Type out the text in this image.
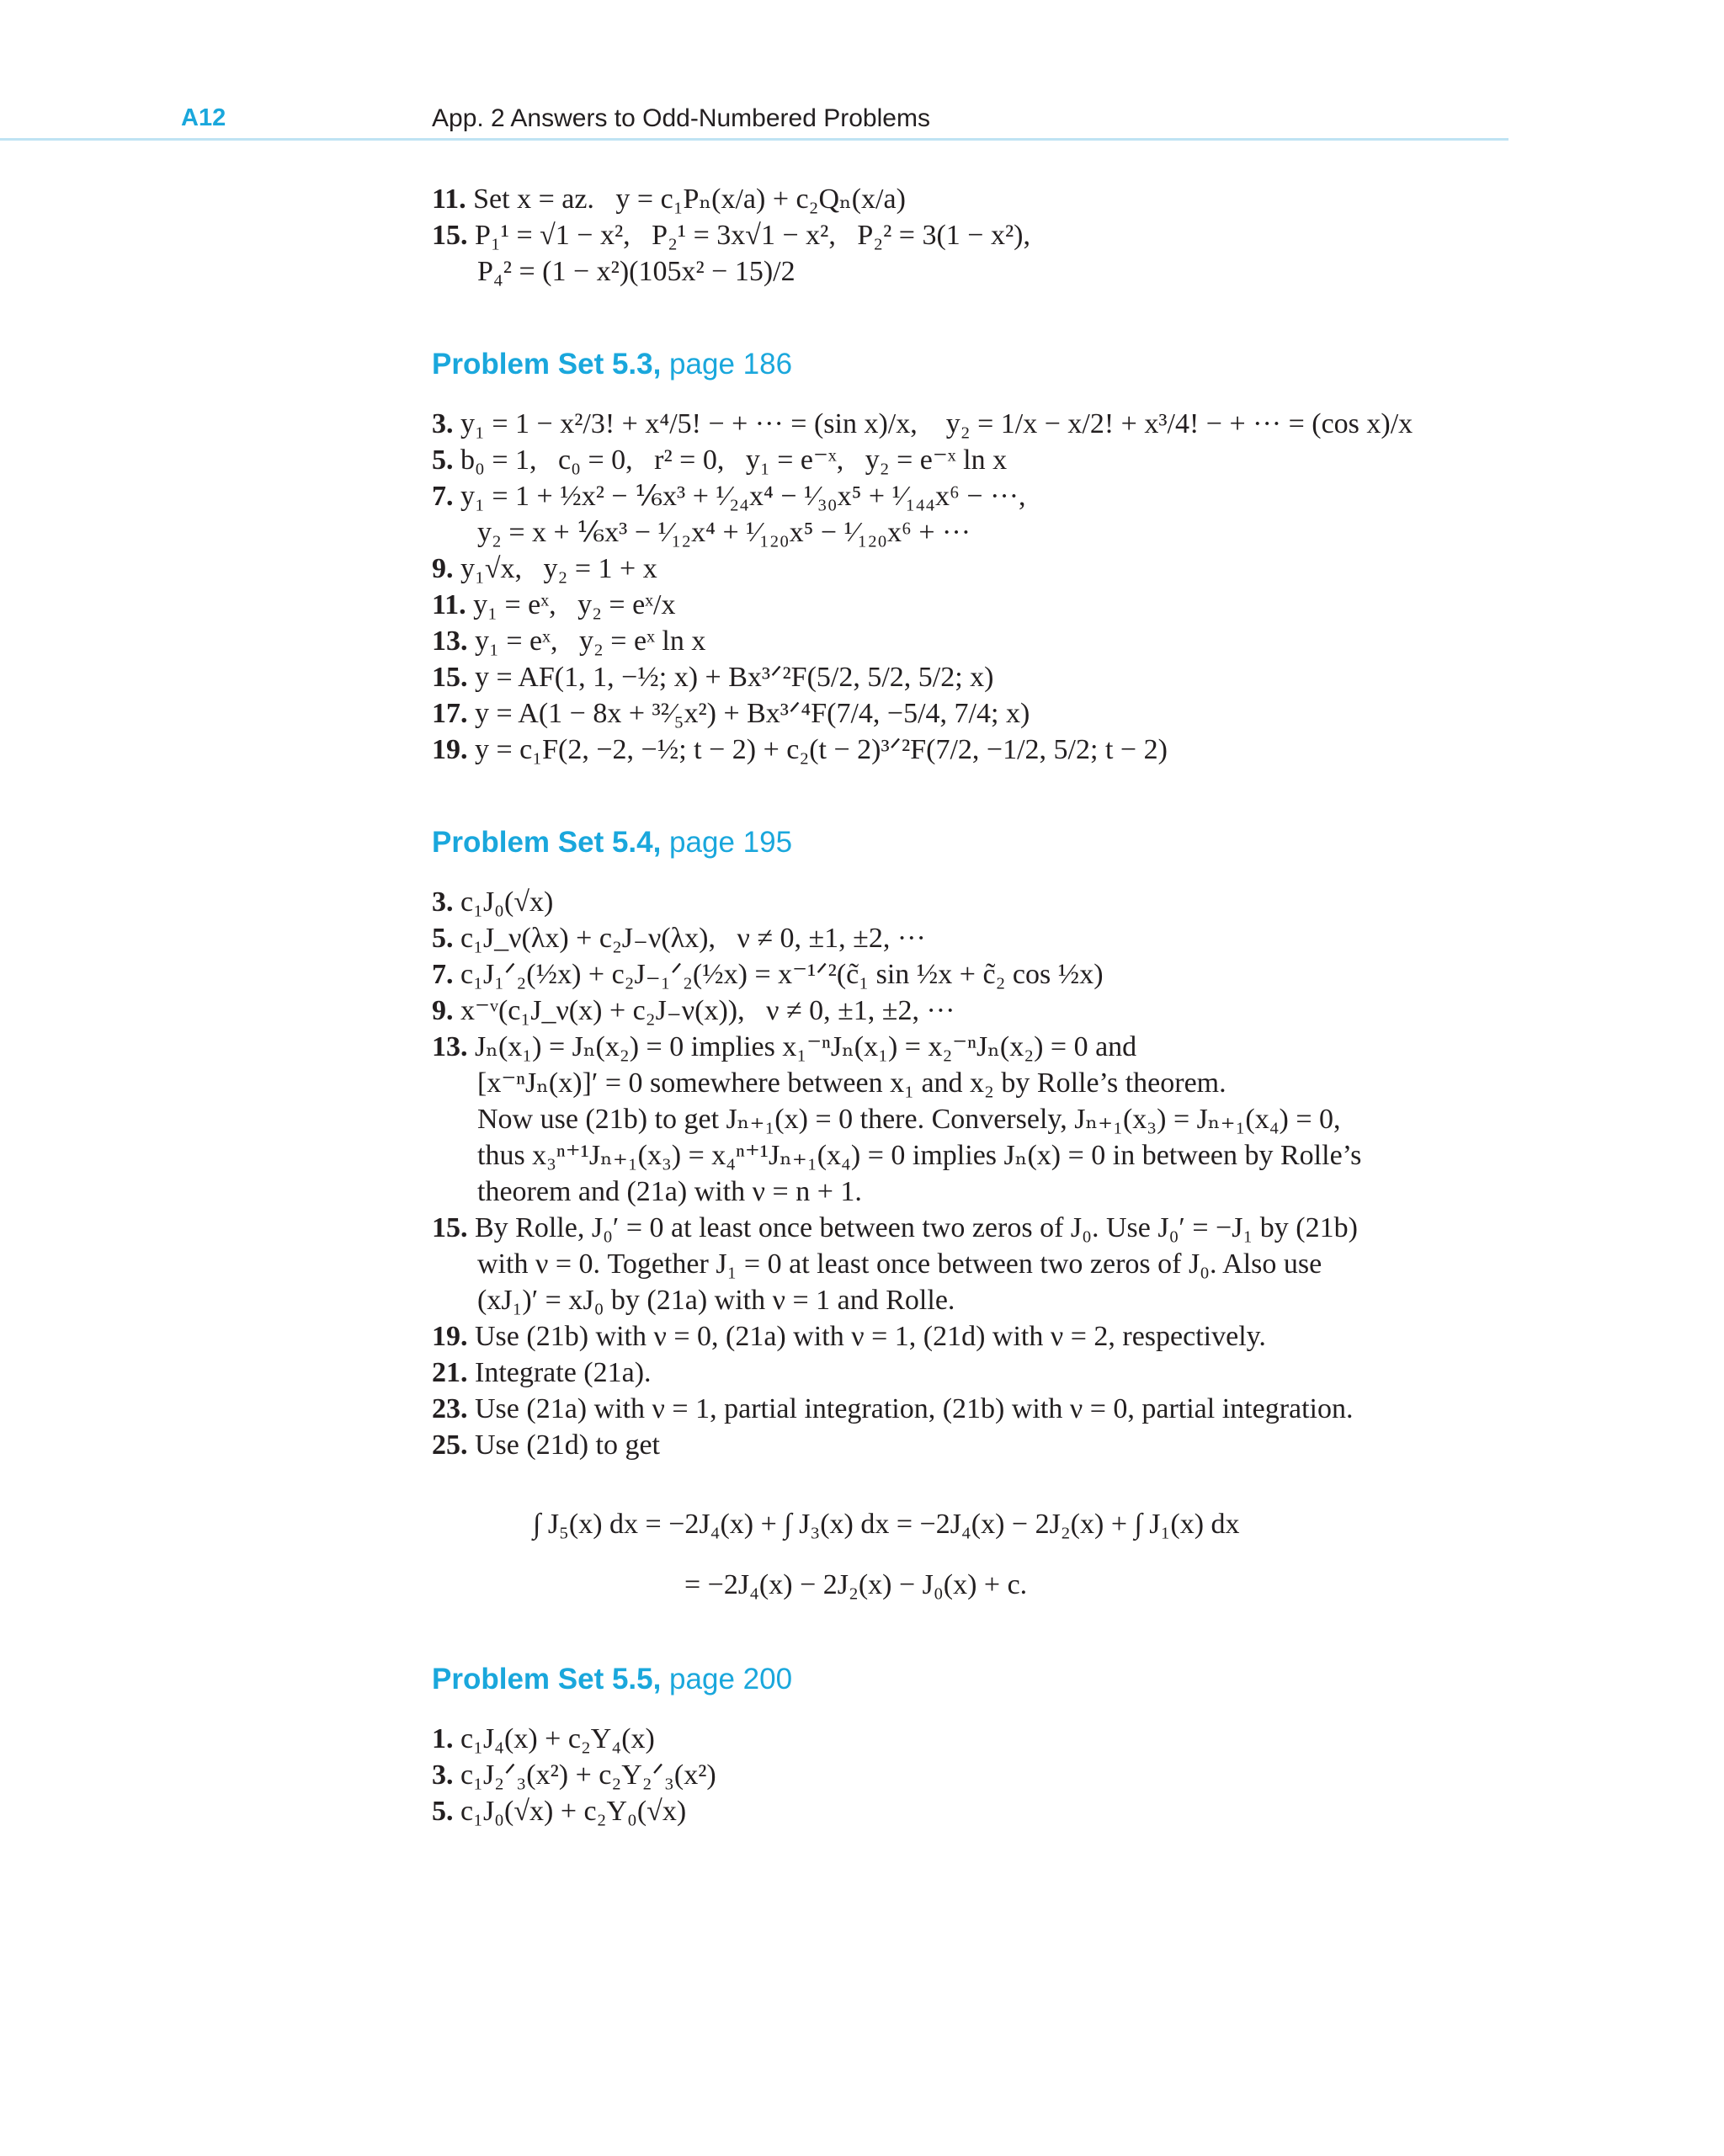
A12	App. 2 Answers to Odd-Numbered Problems
11. Set x = az.   y = c₁Pₙ(x/a) + c₂Qₙ(x/a)
15. P₁¹ = √1 − x²,   P₂¹ = 3x√1 − x²,   P₂² = 3(1 − x²),
P₄² = (1 − x²)(105x² − 15)/2
Problem Set 5.3, page 186
3. y₁ = 1 − x²/3! + x⁴/5! − + ··· = (sin x)/x,    y₂ = 1/x − x/2! + x³/4! − + ··· = (cos x)/x
5. b₀ = 1,   c₀ = 0,   r² = 0,   y₁ = e⁻ˣ,   y₂ = e⁻ˣ ln x
7. y₁ = 1 + ½x² − ⅙x³ + ¹⁄₂₄x⁴ − ¹⁄₃₀x⁵ + ¹⁄₁₄₄x⁶ − ···,
y₂ = x + ⅙x³ − ¹⁄₁₂x⁴ + ¹⁄₁₂₀x⁵ − ¹⁄₁₂₀x⁶ + ···
9. y₁√x,   y₂ = 1 + x
11. y₁ = eˣ,   y₂ = eˣ/x
13. y₁ = eˣ,   y₂ = eˣ ln x
15. y = AF(1, 1, −½; x) + Bx³ᐟ²F(5/2, 5/2, 5/2; x)
17. y = A(1 − 8x + ³²⁄₅x²) + Bx³ᐟ⁴F(7/4, −5/4, 7/4; x)
19. y = c₁F(2, −2, −½; t − 2) + c₂(t − 2)³ᐟ²F(7/2, −1/2, 5/2; t − 2)
Problem Set 5.4, page 195
3. c₁J₀(√x)
5. c₁J_ν(λx) + c₂J₋ν(λx),   ν ≠ 0, ±1, ±2, ···
7. c₁J₁ᐟ₂(½x) + c₂J₋₁ᐟ₂(½x) = x⁻¹ᐟ²(c̃₁ sin ½x + c̃₂ cos ½x)
9. x⁻ᵛ(c₁J_ν(x) + c₂J₋ν(x)),   ν ≠ 0, ±1, ±2, ···
13. Jₙ(x₁) = Jₙ(x₂) = 0 implies x₁⁻ⁿJₙ(x₁) = x₂⁻ⁿJₙ(x₂) = 0 and
[x⁻ⁿJₙ(x)]′ = 0 somewhere between x₁ and x₂ by Rolle’s theorem.
Now use (21b) to get Jₙ₊₁(x) = 0 there. Conversely, Jₙ₊₁(x₃) = Jₙ₊₁(x₄) = 0,
thus x₃ⁿ⁺¹Jₙ₊₁(x₃) = x₄ⁿ⁺¹Jₙ₊₁(x₄) = 0 implies Jₙ(x) = 0 in between by Rolle’s
theorem and (21a) with ν = n + 1.
15. By Rolle, J₀′ = 0 at least once between two zeros of J₀. Use J₀′ = −J₁ by (21b)
with ν = 0. Together J₁ = 0 at least once between two zeros of J₀. Also use
(xJ₁)′ = xJ₀ by (21a) with ν = 1 and Rolle.
19. Use (21b) with ν = 0, (21a) with ν = 1, (21d) with ν = 2, respectively.
21. Integrate (21a).
23. Use (21a) with ν = 1, partial integration, (21b) with ν = 0, partial integration.
25. Use (21d) to get
∫ J₅(x) dx = −2J₄(x) + ∫ J₃(x) dx = −2J₄(x) − 2J₂(x) + ∫ J₁(x) dx
= −2J₄(x) − 2J₂(x) − J₀(x) + c.
Problem Set 5.5, page 200
1. c₁J₄(x) + c₂Y₄(x)
3. c₁J₂ᐟ₃(x²) + c₂Y₂ᐟ₃(x²)
5. c₁J₀(√x) + c₂Y₀(√x)
